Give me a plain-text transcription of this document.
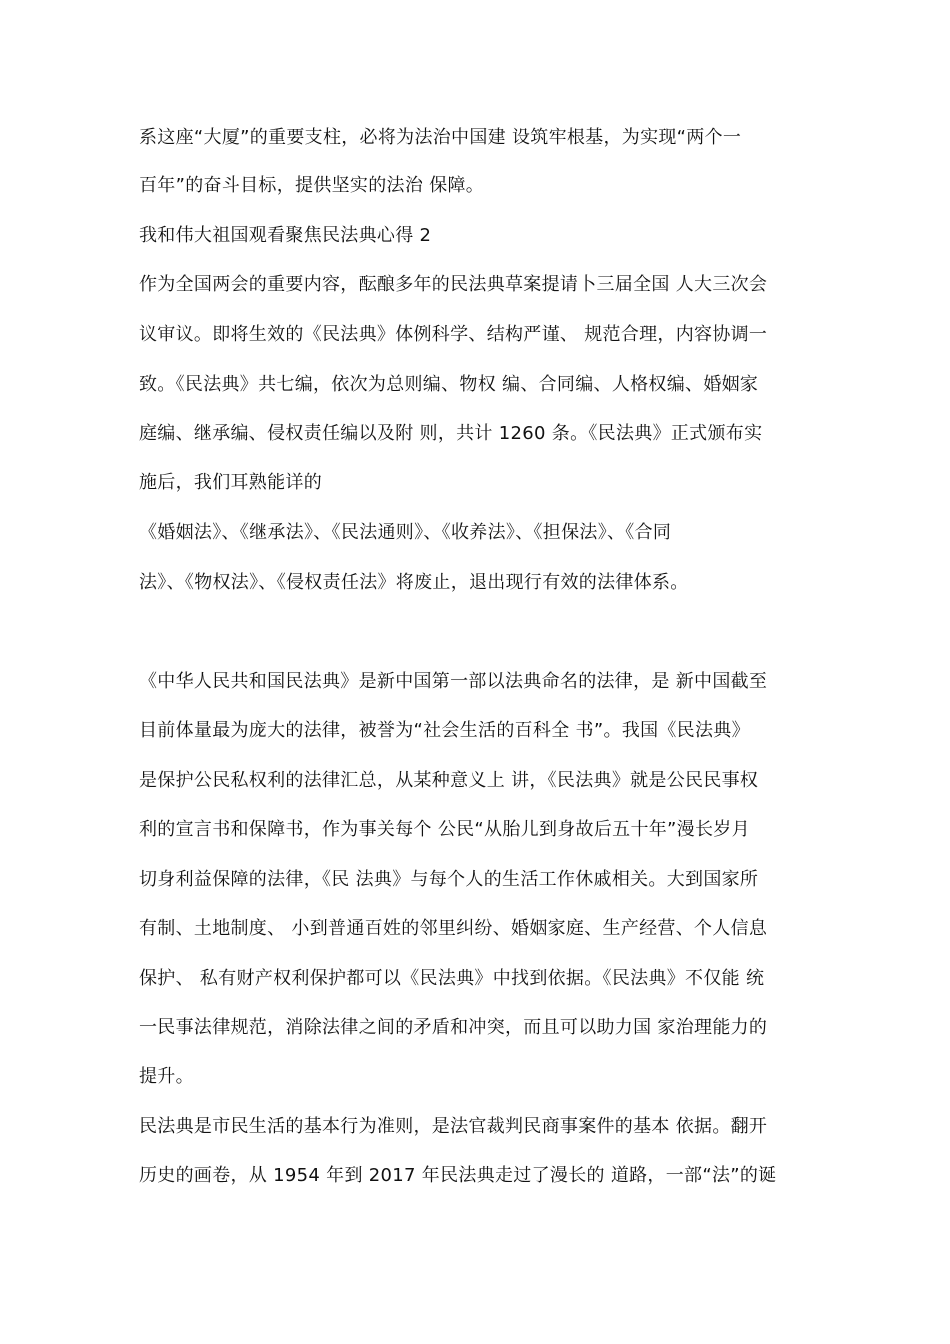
系这座“大厦”的重要支柱，必将为法治中国建 设筑牢根基，为实现“两个一
百年”的奋斗目标，提供坚实的法治 保障。
我和伟大祖国观看聚焦民法典心得 2
作为全国两会的重要内容，酝酿多年的民法典草案提请卜三届全国 人大三次会
议审议。即将生效的《民法典》体例科学、结构严谨、 规范合理，内容协调一
致。《民法典》共七编，依次为总则编、物权 编、合同编、人格权编、婚姻家
庭编、继承编、侵权责任编以及附 则，共计 1260 条。《民法典》正式颁布实
施后，我们耳熟能详的
《婚姻法》、《继承法》、《民法通则》、《收养法》、《担保法》、《合同
法》、《物权法》、《侵权责任法》将废止，退出现行有效的法律体系。
《中华人民共和国民法典》是新中国第一部以法典命名的法律，是 新中国截至
目前体量最为庞大的法律，被誉为“社会生活的百科全 书”。我国《民法典》
是保护公民私权利的法律汇总，从某种意义上 讲，《民法典》就是公民民事权
利的宣言书和保障书，作为事关每个 公民“从胎儿到身故后五十年”漫长岁月
切身利益保障的法律，《民 法典》与每个人的生活工作休戚相关。大到国家所
有制、土地制度、 小到普通百姓的邻里纠纷、婚姻家庭、生产经营、个人信息
保护、 私有财产权利保护都可以《民法典》中找到依据。《民法典》不仅能 统
一民事法律规范，消除法律之间的矛盾和冲突，而且可以助力国 家治理能力的
提升。
民法典是市民生活的基本行为准则，是法官裁判民商事案件的基本 依据。翻开
历史的画卷，从 1954 年到 2017 年民法典走过了漫长的 道路，一部“法”的诞
